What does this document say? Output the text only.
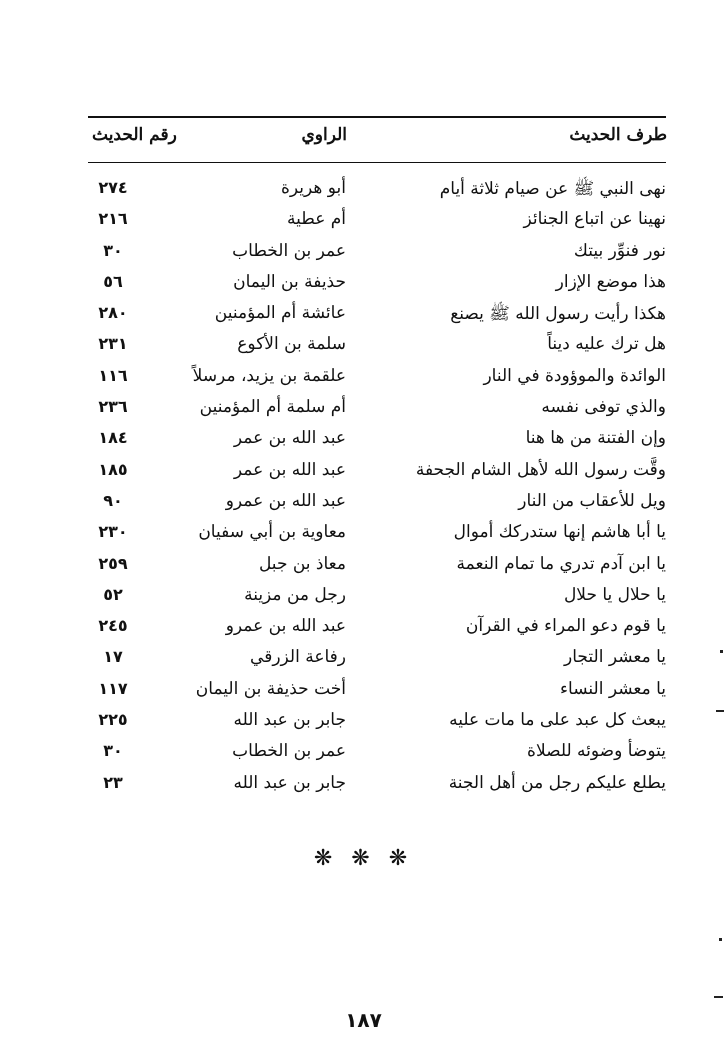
طرف الحديث
الراوي
رقم الحديث
نهى النبي ﷺ عن صيام ثلاثة أيام
أبو هريرة
٢٧٤
نهينا عن اتباع الجنائز
أم عطية
٢١٦
نور فنوِّر بيتك
عمر بن الخطاب
٣٠
هذا موضع الإزار
حذيفة بن اليمان
٥٦
هكذا رأيت رسول الله ﷺ يصنع
عائشة أم المؤمنين
٢٨٠
هل ترك عليه ديناً
سلمة بن الأكوع
٢٣١
الوائدة والموؤودة في النار
علقمة بن يزيد، مرسلاً
١١٦
والذي توفى نفسه
أم سلمة أم المؤمنين
٢٣٦
وإن الفتنة من ها هنا
عبد الله بن عمر
١٨٤
وقَّت رسول الله لأهل الشام الجحفة
عبد الله بن عمر
١٨٥
ويل للأعقاب من النار
عبد الله بن عمرو
٩٠
يا أبا هاشم إنها ستدركك أموال
معاوية بن أبي سفيان
٢٣٠
يا ابن آدم تدري ما تمام النعمة
معاذ بن جبل
٢٥٩
يا حلال يا حلال
رجل من مزينة
٥٢
يا قوم دعو المراء في القرآن
عبد الله بن عمرو
٢٤٥
يا معشر التجار
رفاعة الزرقي
١٧
يا معشر النساء
أخت حذيفة بن اليمان
١١٧
يبعث كل عبد على ما مات عليه
جابر بن عبد الله
٢٢٥
يتوضأ وضوئه للصلاة
عمر بن الخطاب
٣٠
يطلع عليكم رجل من أهل الجنة
جابر بن عبد الله
٢٣
❋ ❋ ❋
١٨٧
